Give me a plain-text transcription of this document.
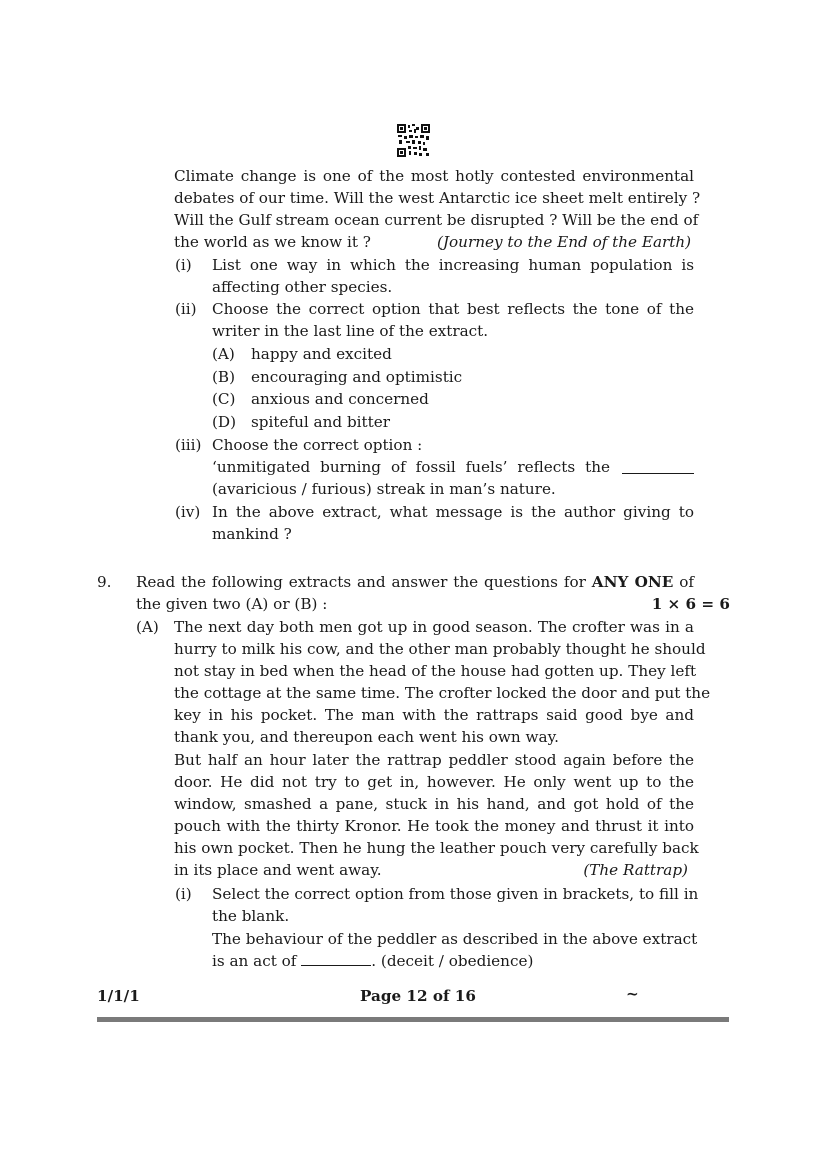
Climate change is one of the most hotly contested environmental
debates of our time. Will the west Antarctic ice sheet melt entirely ?
Will the Gulf stream ocean current be disrupted ? Will be the end of
the world as we know it ?	(Journey to the End of the Earth)
(i) List one way in which the increasing human population is
affecting other species.
(ii) Choose the correct option that best reflects the tone of the
writer in the last line of the extract.
(A) happy and excited
(B) encouraging and optimistic
(C) anxious and concerned
(D) spiteful and bitter
(iii) Choose the correct option :
‘unmitigated burning of fossil fuels’ reflects the
(avaricious / furious) streak in man’s nature.
(iv) In the above extract, what message is the author giving to
mankind ?
9. Read the following extracts and answer the questions for ANY ONE of
the given two (A) or (B) :	1 × 6 = 6
(A) The next day both men got up in good season. The crofter was in a
hurry to milk his cow, and the other man probably thought he should
not stay in bed when the head of the house had gotten up. They left
the cottage at the same time. The crofter locked the door and put the
key in his pocket. The man with the rattraps said good bye and
thank you, and thereupon each went his own way.
But half an hour later the rattrap peddler stood again before the
door. He did not try to get in, however. He only went up to the
window, smashed a pane, stuck in his hand, and got hold of the
pouch with the thirty Kronor. He took the money and thrust it into
his own pocket. Then he hung the leather pouch very carefully back
in its place and went away.	(The Rattrap)
(i) Select the correct option from those given in brackets, to fill in
the blank.
The behaviour of the peddler as described in the above extract
is an act of	. (deceit / obedience)
1/1/1	Page 12 of 16	~
